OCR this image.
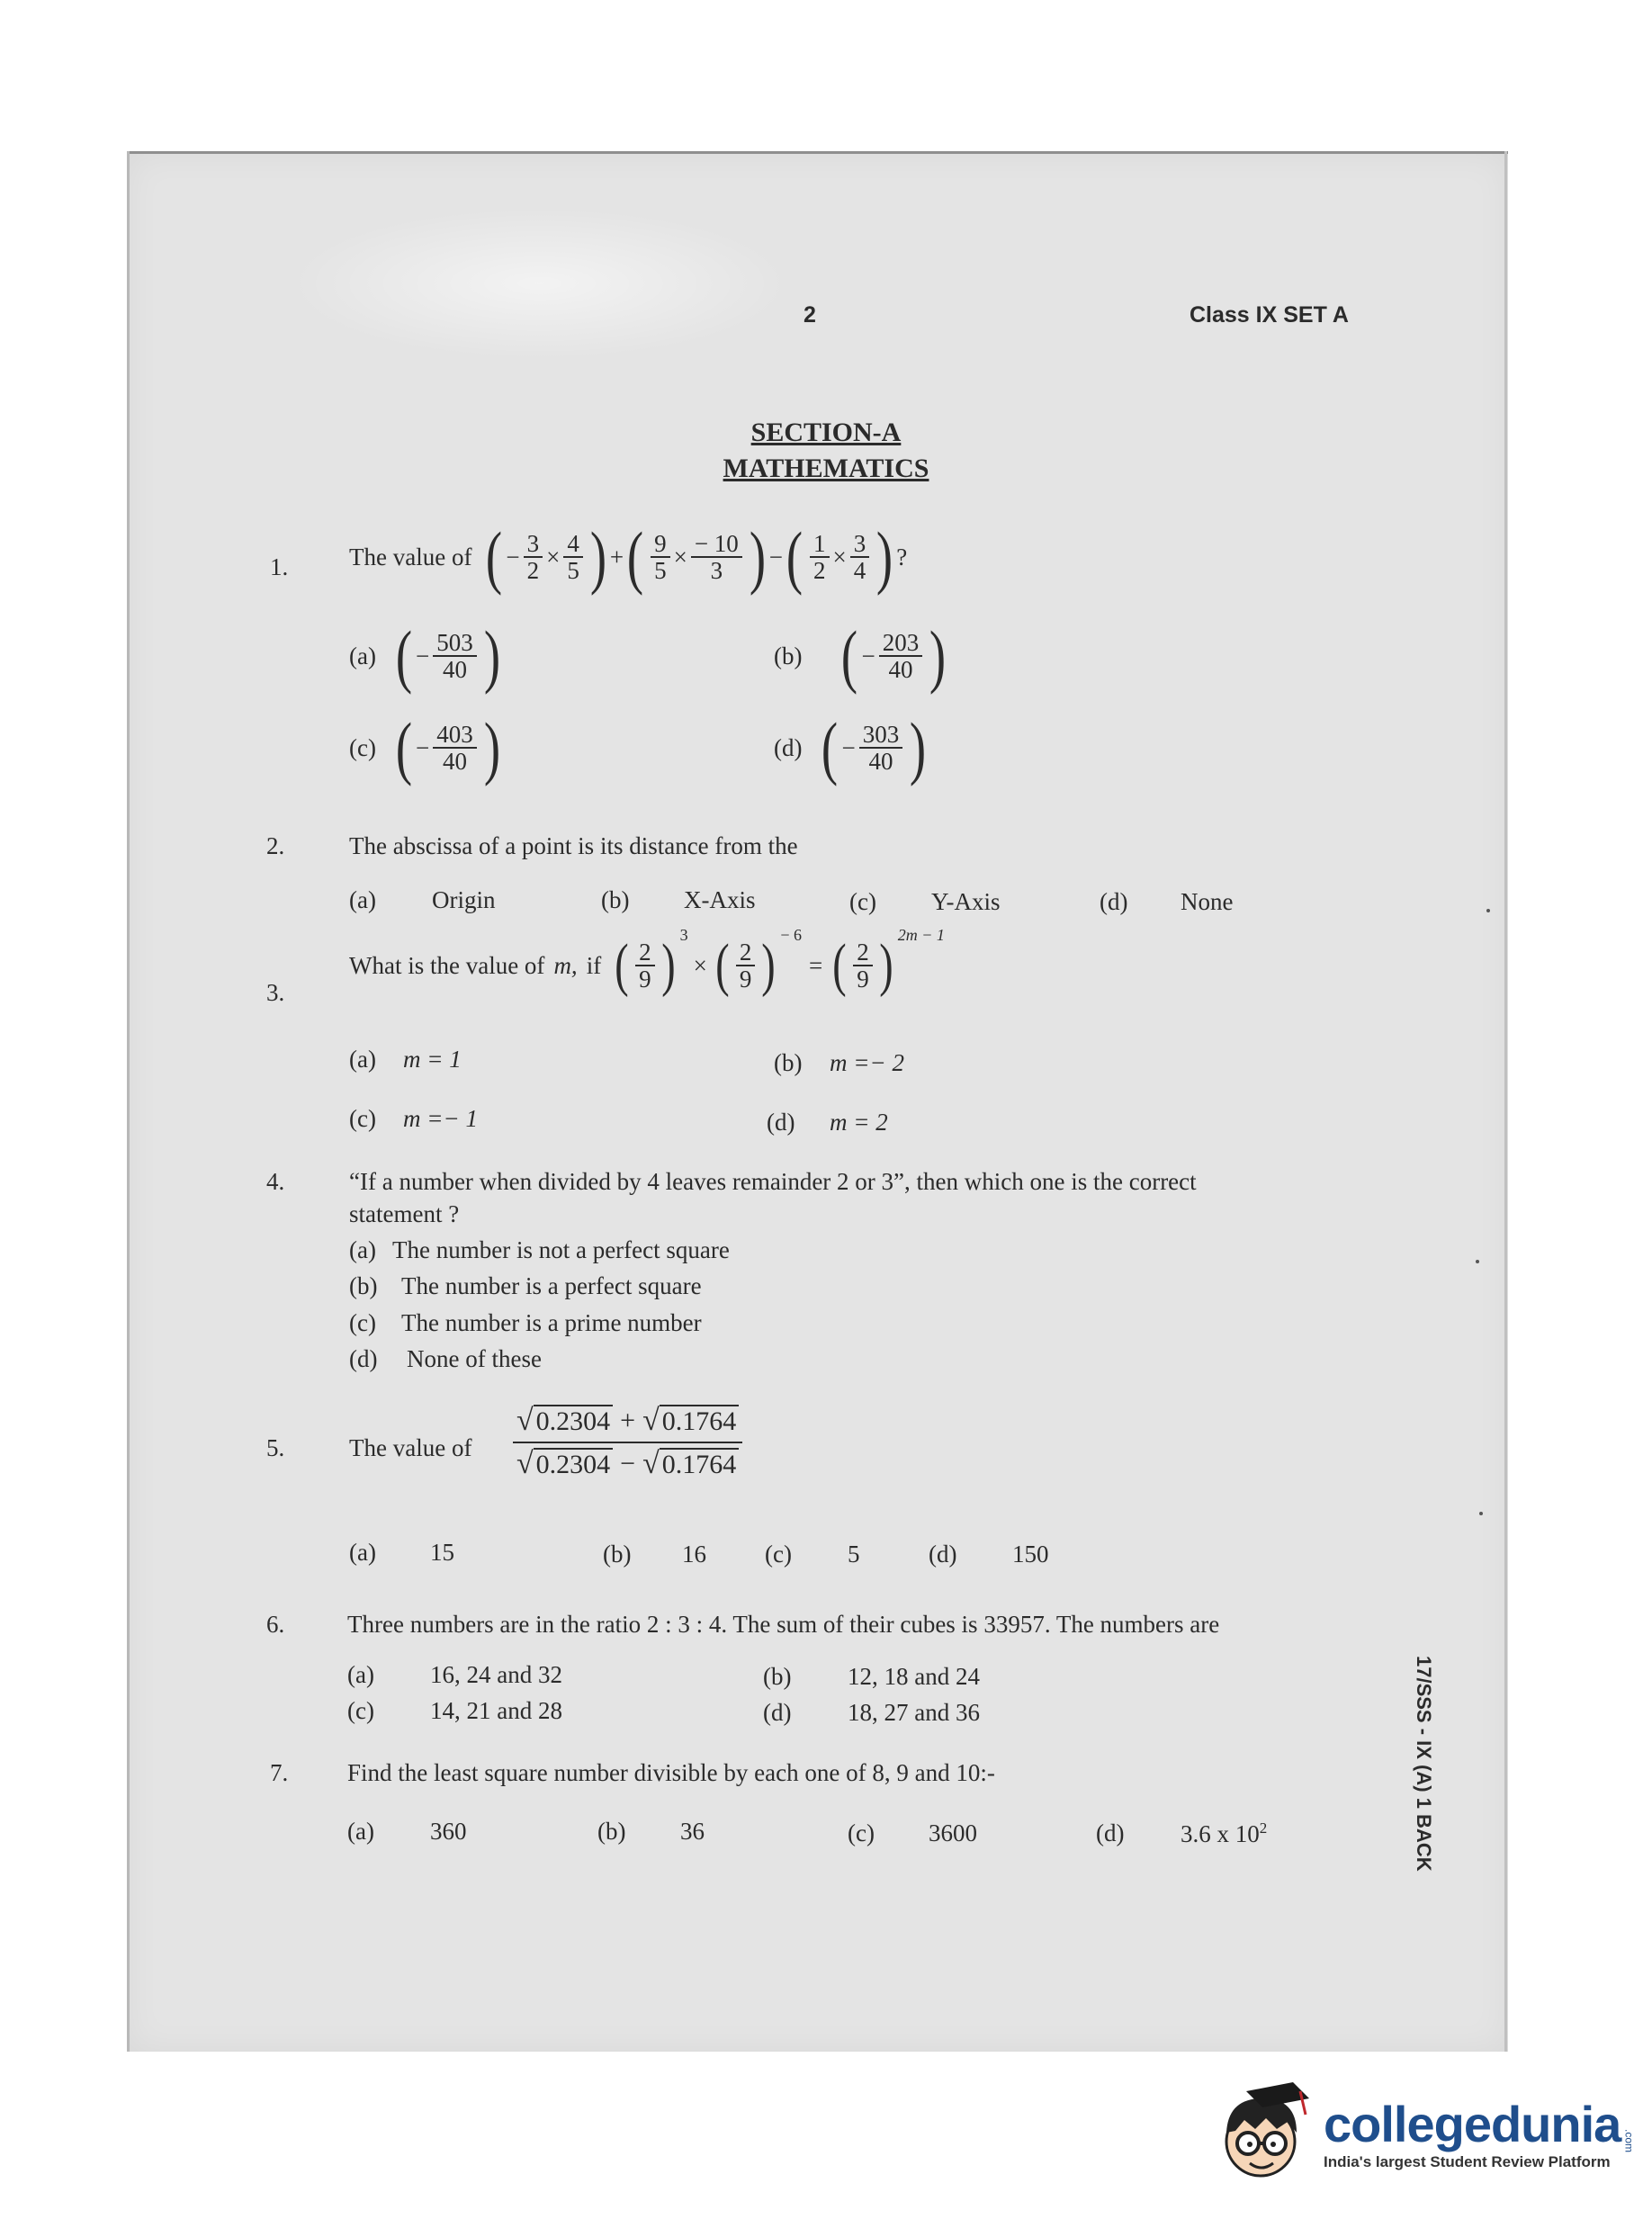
2	Class IX SET A
SECTION-A
MATHEMATICS
1.	The value of ( − $\frac{3}{2} \times \frac{4}{5}$ ) + ( $\frac{9}{5} \times \frac{- 10}{3}$ ) − ( $\frac{1}{2} \times \frac{3}{4}$ ) ?
(a) ( − $\frac{503}{40}$ )	(b) ( − $\frac{203}{40}$ )
(c) ( − $\frac{403}{40}$ )	(d) ( − $\frac{303}{40}$ )
2.	The abscissa of a point is its distance from the
(a) Origin	(b) X-Axis	(c) Y-Axis	(d) None
3.
What is the value of m, if ( $\frac{2}{9}$ ) 3
× ( $\frac{2}{9}$ ) − 6
= ( $\frac{2}{9}$ ) 2m − 1
(a) m = 1	(b) m =− 2
(c) m =− 1	(d) m = 2
4.	“If a number when divided by 4 leaves remainder 2 or 3”, then which one is the correct
statement ?
(a) The number is not a perfect square
(b) The number is a perfect square
(c) The number is a prime number
(d) None of these
5.	The value of
√ 0.2304 + √ 0.1764
√ 0.2304 − √ 0.1764
(a) 15	(b) 16 (c) 5	(d) 150
6.	Three numbers are in the ratio 2 : 3 : 4. The sum of their cubes is 33957. The numbers are
(a) 16, 24 and 32	(b) 12, 18 and 24
(c) 14, 21 and 28	(d) 18, 27 and 36
7. Find the least square number divisible by each one of 8, 9 and 10:-
(a) 360	(b) 36	(c) 3600	(d) 3.6 x $10^2$	17/SSS - IX (A) 1 BACK
collegedunia .com
India's largest Student Review Platform
